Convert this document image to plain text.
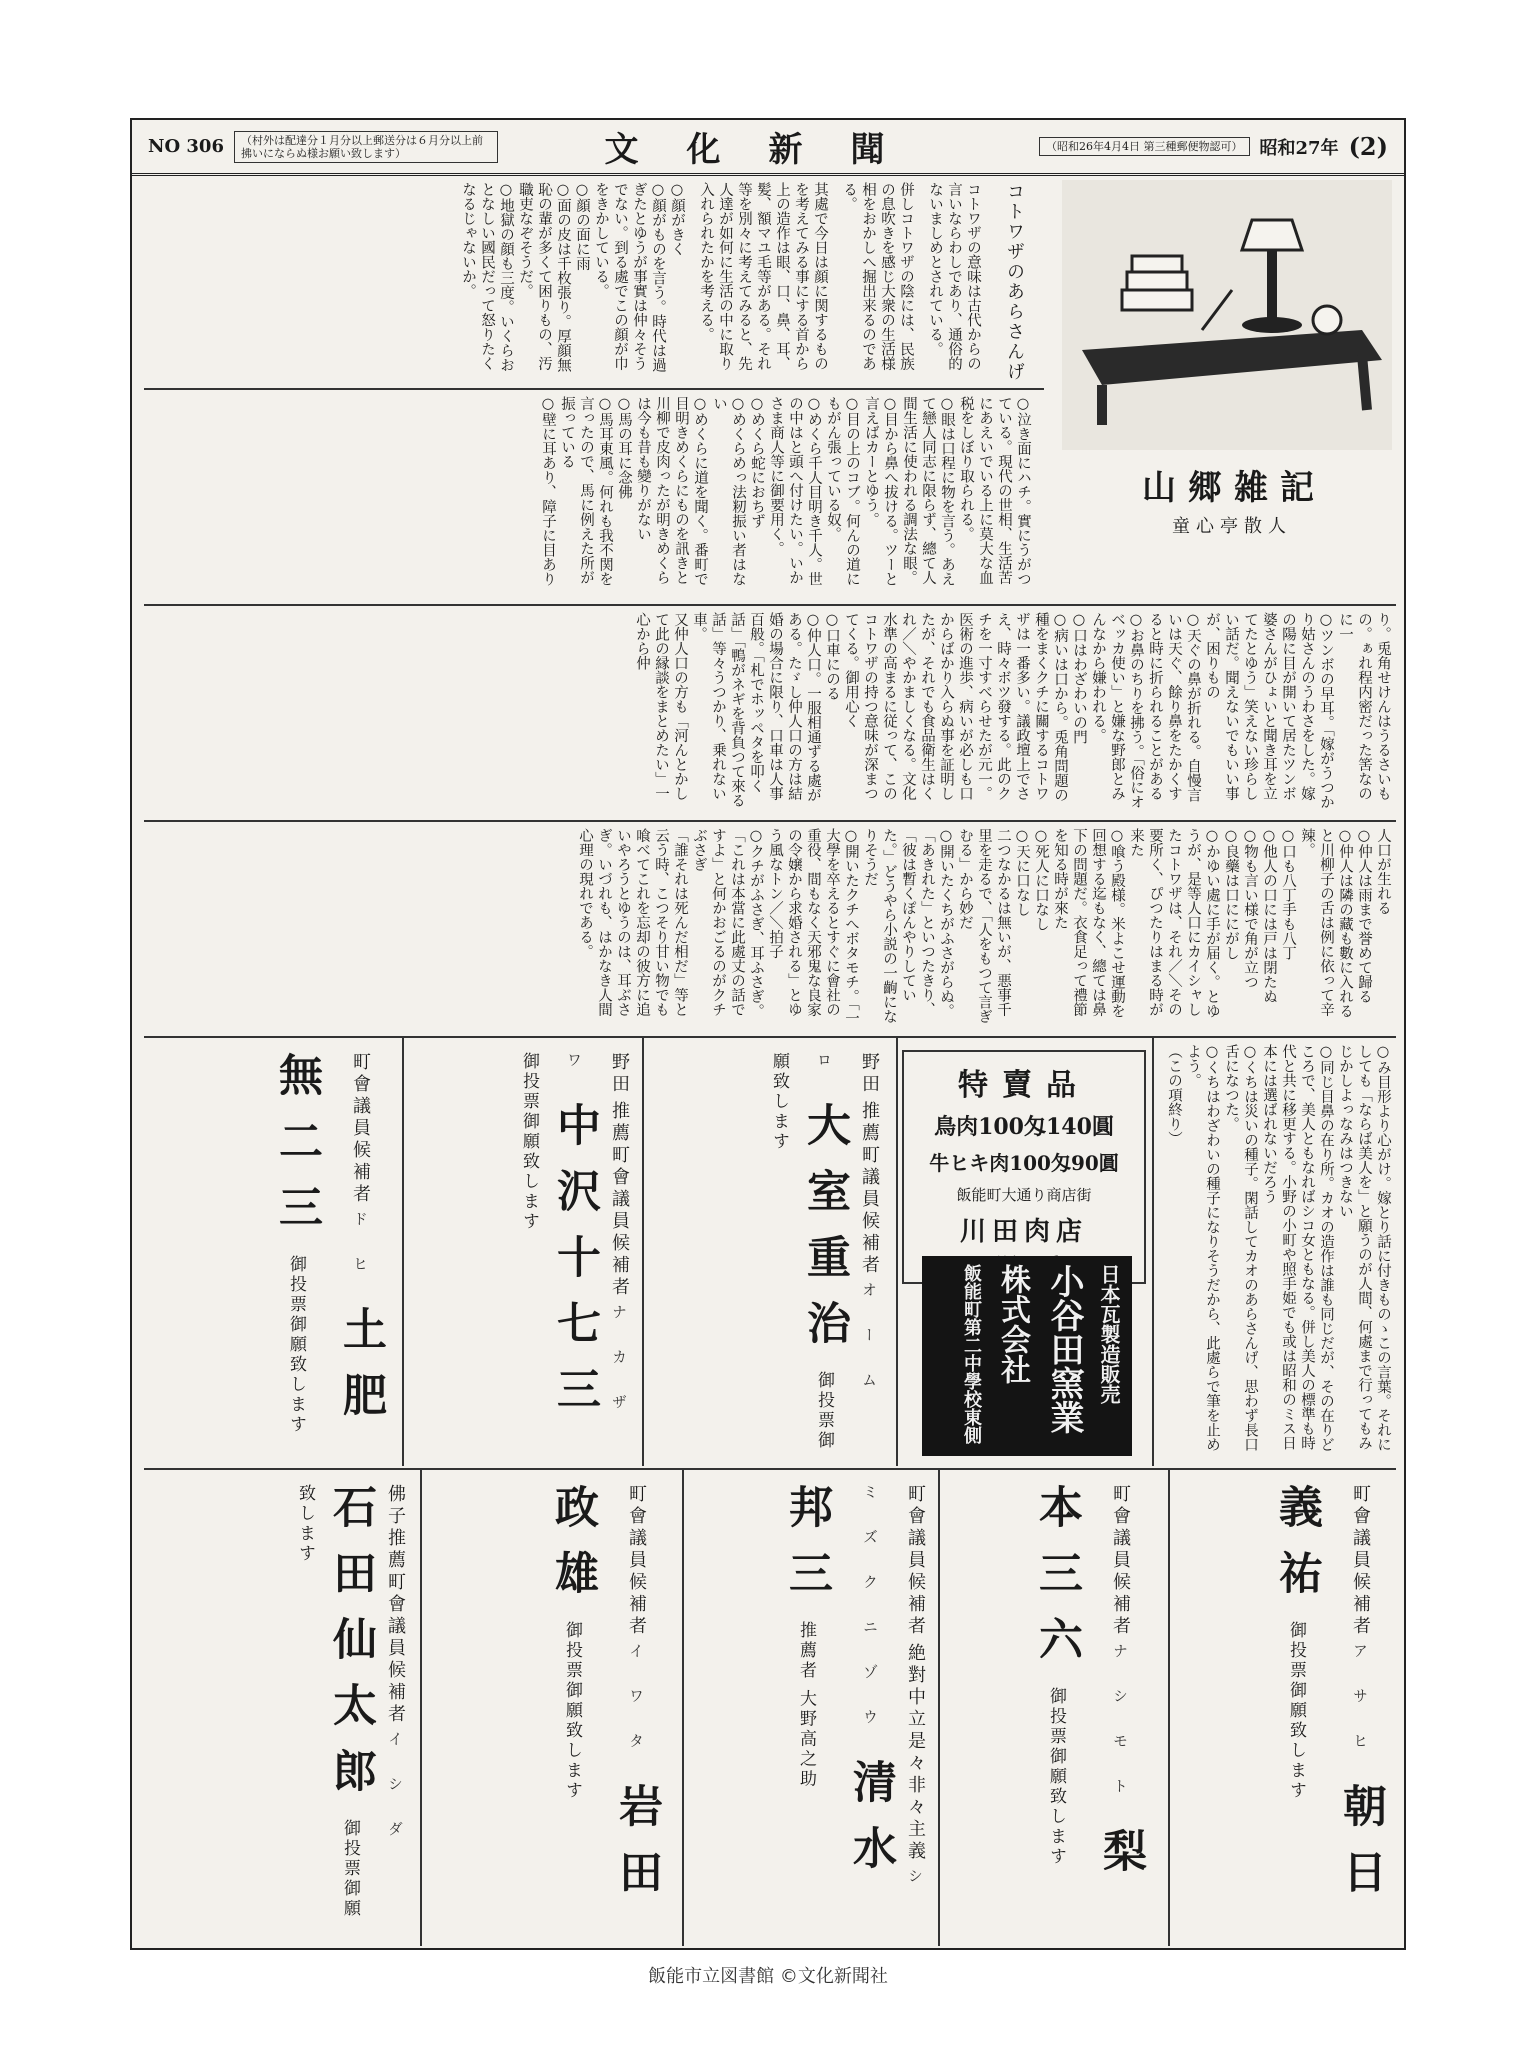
NO 306	（村外は配達分１月分以上郵送分は６月分以上前拂いにならぬ様お願い致します）	文化新聞	（昭和26年4月4日 第三種郵便物認可） 昭和27年 (2)
山郷雑記
童心亭散人
コトワザのあらさんげ

コトワザの意味は古代からの言いならわしであり、通俗的ないましめとされている。

併しコトワザの陰には、民族の息吹きを感じ大衆の生活様相をおかしへ掘出来るのである。

其處で今日は顔に関するものを考えてみる事にする首から上の造作は眼、口、鼻、耳、髪、額マユ毛等がある。それ等を別々に考えてみると、先人達が如何に生活の中に取り入れられたかを考える。

○顔がきく

○顔がものを言う。時代は過ぎたとゆうが事實は仲々そうでない。到る處でこの顔が巾をきかしている。

○顔の面に雨

○面の皮は千枚張り。厚顔無恥の輩が多くて困りもの、汚職吏なぞそうだ。

○地獄の顔も三度。いくらおとなしい國民だって怒りたくなるじゃないか。

○泣き面にハチ。實にうがつている。現代の世相、生活苦にあえいでいる上に莫大な血税をしぼり取られる。

○眼は口程に物を言う。あえて戀人同志に限らず、總て人間生活に使われる調法な眼。

○目から鼻へ拔ける。ツーと言えばカーとゆう。

○目の上のコブ。何んの道にもがん張っている奴。

○めくら千人目明き千人。世の中はと頭へ付けたい。いかさま商人等に御要用く。

○めくら蛇におちず

○めくらめっ法籾振い者はない

○めくらに道を聞く。番町で目明きめくらにものを訊きと川柳で皮肉ったが明きめくらは今も昔も變りがない

○馬の耳に念佛

○馬耳東風。何れも我不関を言ったので、馬に例えた所が振っている

○壁に耳あり、障子に目あり

り。兎角せけんはうるさいもの。ぁれ程内密だった筈なのに一

○ツンボの早耳。「嫁がうつかり姑さんのうわさをした。嫁の陽に目が開いて居たツンボ婆さんがひょいと聞き耳を立てたとゆう」笑えない珍らしい話だ。聞えないでもいい事が、困りもの

○天ぐの鼻が折れる。自慢言いは天ぐ、餘り鼻をたかくすると時に折られることがある

○お鼻のちりを拂う。「俗にオベッカ使い」と嫌な野郎とみんなから嫌われる。

○口はわざわいの門

○病いは口から。兎角問題の種をまくクチに關するコトワザは一番多い。議政壇上でさえ、時々ボツ發する。此のクチを一寸すべらせたが元一。

医術の進歩、病いが必しも口からばかり入らぬ事を証明したが、それでも食品衛生はくれ／＼やかましくなる。文化水準の高まるに従って、このコトワザの持つ意味が深まつてくる。御用心く

○口車にのる

○仲人口。一服相通ずる處がある。たゞし仲人口の方は結婚の場合に限り、口車は人事百般。「札でホッペタを叩く話」「鴨がネギを背負つて來る話」等々うつかり、乗れない車。

又仲人口の方も「河んとかして此の縁談をまとめたい」一心から仲

人口が生れる

○仲人は雨まで誉めて歸る

○仲人は隣の藏も數に入れると川柳子の舌は例に依って辛辣。

○口も八丁手も八丁

○他人の口には戸は閉たぬ

○物も言い様で角が立つ

○良藥は口ににがし

○かゆい處に手が届く。とゆうが、是等人口にカイシャしたコトワザは、それ／＼その要所く、ぴつたりはまる時が来た

○喰う殿様。米よこせ運動を回想する迄もなく、總ては鼻下の問題だ。衣食足って禮節を知る時が來た

○死人に口なし

○天に口なし

二つなかるは無いが、悪事千里を走るで、「人をもつて言ぎむる」から妙だ

○開いたくちがふさがらぬ。「あきれた」といつたきり、「彼は暫くぽんやりしていた。」どうやら小説の一齣になりそうだ

○開いたクチへボタモチ。「一大學を卒えるとすぐに會社の重役、間もなく天邪鬼な良家の令嬢から求婚される」とゆう風なトン／＼拍子

○クチがふさぎ、耳ふさぎ。「これは本當に此處丈の話ですよ」と何かおごるのがクチぶさぎ

「誰それは死んだ相だ」等と云う時、こつそり甘い物でも喰べてこれを忘却の彼方に追いやろうとゆうのは、耳ぶさぎ。いづれも、はかなき人間心理の現れである。

○み目形より心がけ。嫁とり話に付きものゝこの言葉。それにしても「ならば美人を」と願うのが人間、何處まで行ってもみじかしよっなみはつきない

○同じ目鼻の在り所。カオの造作は誰も同じだが、その在りどころで、美人ともなればシコ女ともなる。併し美人の標準も時代と共に移更する。小野の小町や照手姫でも或は昭和のミス日本には選ばれないだろう

○くちは災いの種子。閑話してカオのあらさんげ、思わず長口舌になつた。

○くちはわざわいの種子になりそうだから、此處らで筆を止めよう。

（この項終り）

特賣品
鳥肉100匁140圓
牛ヒキ肉100匁90圓
飯能町大通り商店街
川田肉店
日本瓦製造販売
小谷田窯業
株式会社
飯能町第二中學校東側
野田 推薦町議員候補者 オームロ 大室重治 御投票御願致します
野田 推薦町會議員候補者 ナカザワ 中沢十七三 御投票御願致します
町會議員候補者 ドヒ 土肥無二三 御投票御願致します
町會議員候補者 アサヒ 朝日義祐 御投票御願致します
町會議員候補者 ナシモト 梨本三六 御投票御願致します
町會議員候補者 絶對中立是々非々主義 シミズクニゾウ 清水邦三 推薦者 大野高之助
町會議員候補者 イワタ 岩田政雄 御投票御願致します
佛子推薦町會議員候補者 イシダ 石田仙太郎 御投票御願致します
飯能市立図書館 ©文化新聞社
